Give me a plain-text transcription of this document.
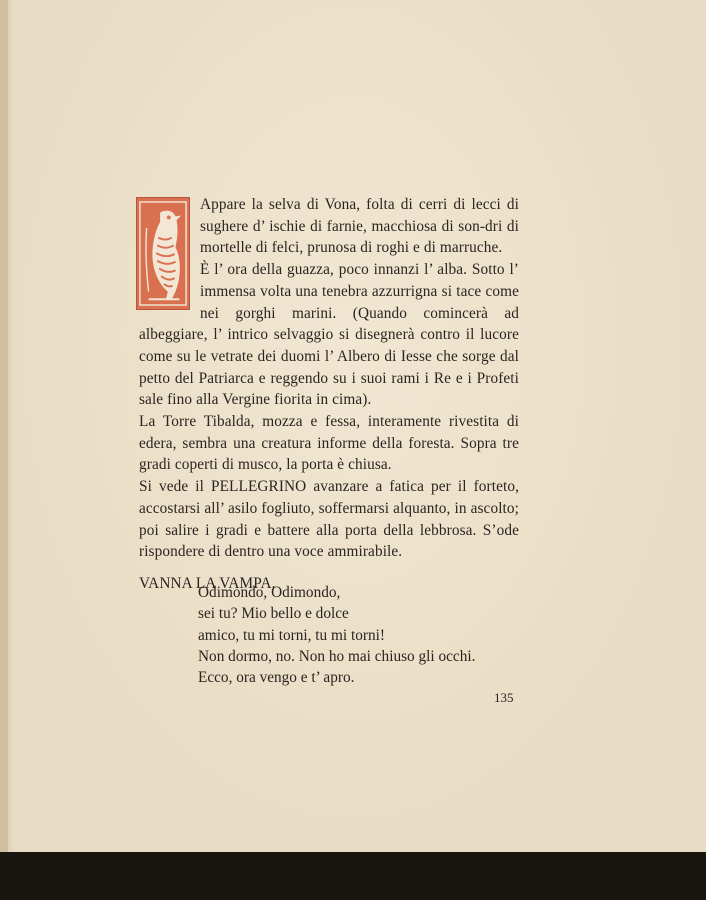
Appare la selva di Vona, folta di cerri di lecci di sughere d’ ischie di farnie, macchiosa di son-dri di mortelle di felci, prunosa di roghi e di marruche.

È l’ ora della guazza, poco innanzi l’ alba. Sotto l’ immensa volta una tenebra azzurrigna si tace come nei gorghi marini. (Quando comincerà ad albeggiare, l’ intrico selvaggio si disegnerà contro il lucore come su le vetrate dei duomi l’ Albero di Iesse che sorge dal petto del Patriarca e reggendo su i suoi rami i Re e i Profeti sale fino alla Vergine fiorita in cima).

La Torre Tibalda, mozza e fessa, interamente rivestita di edera, sembra una creatura informe della foresta. Sopra tre gradi coperti di musco, la porta è chiusa.

Si vede il PELLEGRINO avanzare a fatica per il forteto, accostarsi all’ asilo fogliuto, soffermarsi alquanto, in ascolto; poi salire i gradi e battere alla porta della lebbrosa. S’ode rispondere di dentro una voce ammirabile.

VANNA LA VAMPA.

Odimondo, Odimondo,
sei tu? Mio bello e dolce
amico, tu mi torni, tu mi torni!
Non dormo, no. Non ho mai chiuso gli occhi.
Ecco, ora vengo e t’ apro.
135
